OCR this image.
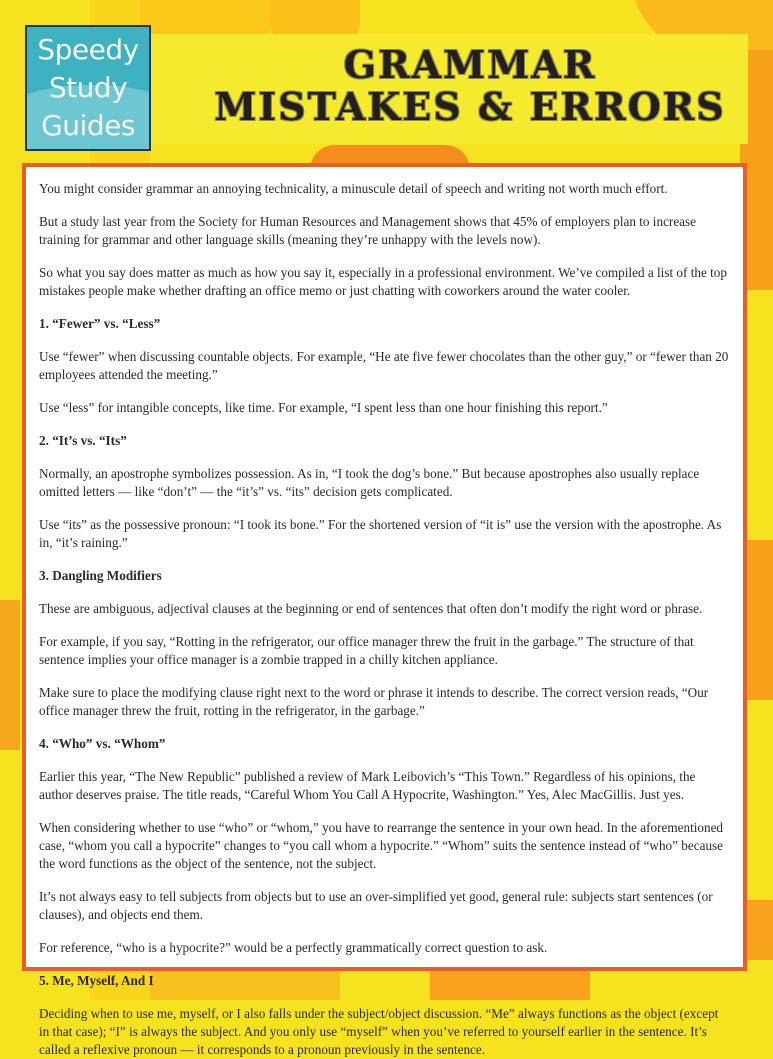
Speedy
Study
Guides
GRAMMAR
MISTAKES & ERRORS

You might consider grammar an annoying technicality, a minuscule detail of speech and writing not worth much effort.

But a study last year from the Society for Human Resources and Management shows that 45% of employers plan to increase training for grammar and other language skills (meaning they’re unhappy with the levels now).

So what you say does matter as much as how you say it, especially in a professional environment. We’ve compiled a list of the top mistakes people make whether drafting an office memo or just chatting with coworkers around the water cooler.

1. “Fewer” vs. “Less”

Use “fewer” when discussing countable objects. For example, “He ate five fewer chocolates than the other guy,” or “fewer than 20 employees attended the meeting.”

Use “less” for intangible concepts, like time. For example, “I spent less than one hour finishing this report.”

2. “It’s vs. “Its”

Normally, an apostrophe symbolizes possession. As in, “I took the dog’s bone.” But because apostrophes also usually replace omitted letters — like “don’t” — the “it’s” vs. “its” decision gets complicated.

Use “its” as the possessive pronoun: “I took its bone.” For the shortened version of “it is” use the version with the apostrophe. As in, “it’s raining.”

3. Dangling Modifiers

These are ambiguous, adjectival clauses at the beginning or end of sentences that often don’t modify the right word or phrase.

For example, if you say, “Rotting in the refrigerator, our office manager threw the fruit in the garbage.” The structure of that sentence implies your office manager is a zombie trapped in a chilly kitchen appliance.

Make sure to place the modifying clause right next to the word or phrase it intends to describe. The correct version reads, “Our office manager threw the fruit, rotting in the refrigerator, in the garbage.”

4. “Who” vs. “Whom”

Earlier this year, “The New Republic” published a review of Mark Leibovich’s “This Town.” Regardless of his opinions, the author deserves praise. The title reads, “Careful Whom You Call A Hypocrite, Washington.” Yes, Alec MacGillis. Just yes.

When considering whether to use “who” or “whom,” you have to rearrange the sentence in your own head. In the aforementioned case, “whom you call a hypocrite” changes to “you call whom a hypocrite.” “Whom” suits the sentence instead of “who” because the word functions as the object of the sentence, not the subject.

It’s not always easy to tell subjects from objects but to use an over-simplified yet good, general rule: subjects start sentences (or clauses), and objects end them.

For reference, “who is a hypocrite?” would be a perfectly grammatically correct question to ask.

5. Me, Myself, And I

Deciding when to use me, myself, or I also falls under the subject/object discussion. “Me” always functions as the object (except in that case); “I” is always the subject. And you only use “myself” when you’ve referred to yourself earlier in the sentence. It’s called a reflexive pronoun — it corresponds to a pronoun previously in the sentence.
